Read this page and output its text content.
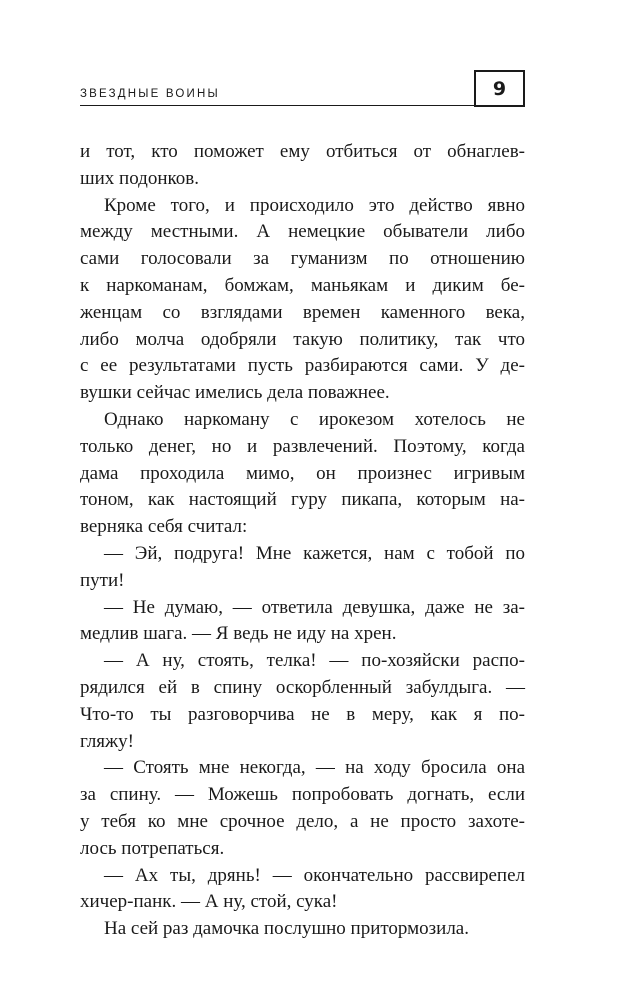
ЗВЕЗДНЫЕ ВОИНЫ	9
и тот, кто поможет ему отбиться от обнаглев-
ших подонков.
Кроме того, и происходило это действо явно
между местными. А немецкие обыватели либо
сами голосовали за гуманизм по отношению
к наркоманам, бомжам, маньякам и диким бе-
женцам со взглядами времен каменного века,
либо молча одобряли такую политику, так что
с ее результатами пусть разбираются сами. У де-
вушки сейчас имелись дела поважнее.
Однако наркоману с ирокезом хотелось не
только денег, но и развлечений. Поэтому, когда
дама проходила мимо, он произнес игривым
тоном, как настоящий гуру пикапа, которым на-
верняка себя считал:
— Эй, подруга! Мне кажется, нам с тобой по
пути!
— Не думаю, — ответила девушка, даже не за-
медлив шага. — Я ведь не иду на хрен.
— А ну, стоять, телка! — по-хозяйски распо-
рядился ей в спину оскорбленный забулдыга. —
Что-то ты разговорчива не в меру, как я по-
гляжу!
— Стоять мне некогда, — на ходу бросила она
за спину. — Можешь попробовать догнать, если
у тебя ко мне срочное дело, а не просто захоте-
лось потрепаться.
— Ах ты, дрянь! — окончательно рассвирепел
хичер-панк. — А ну, стой, сука!
На сей раз дамочка послушно притормозила.
